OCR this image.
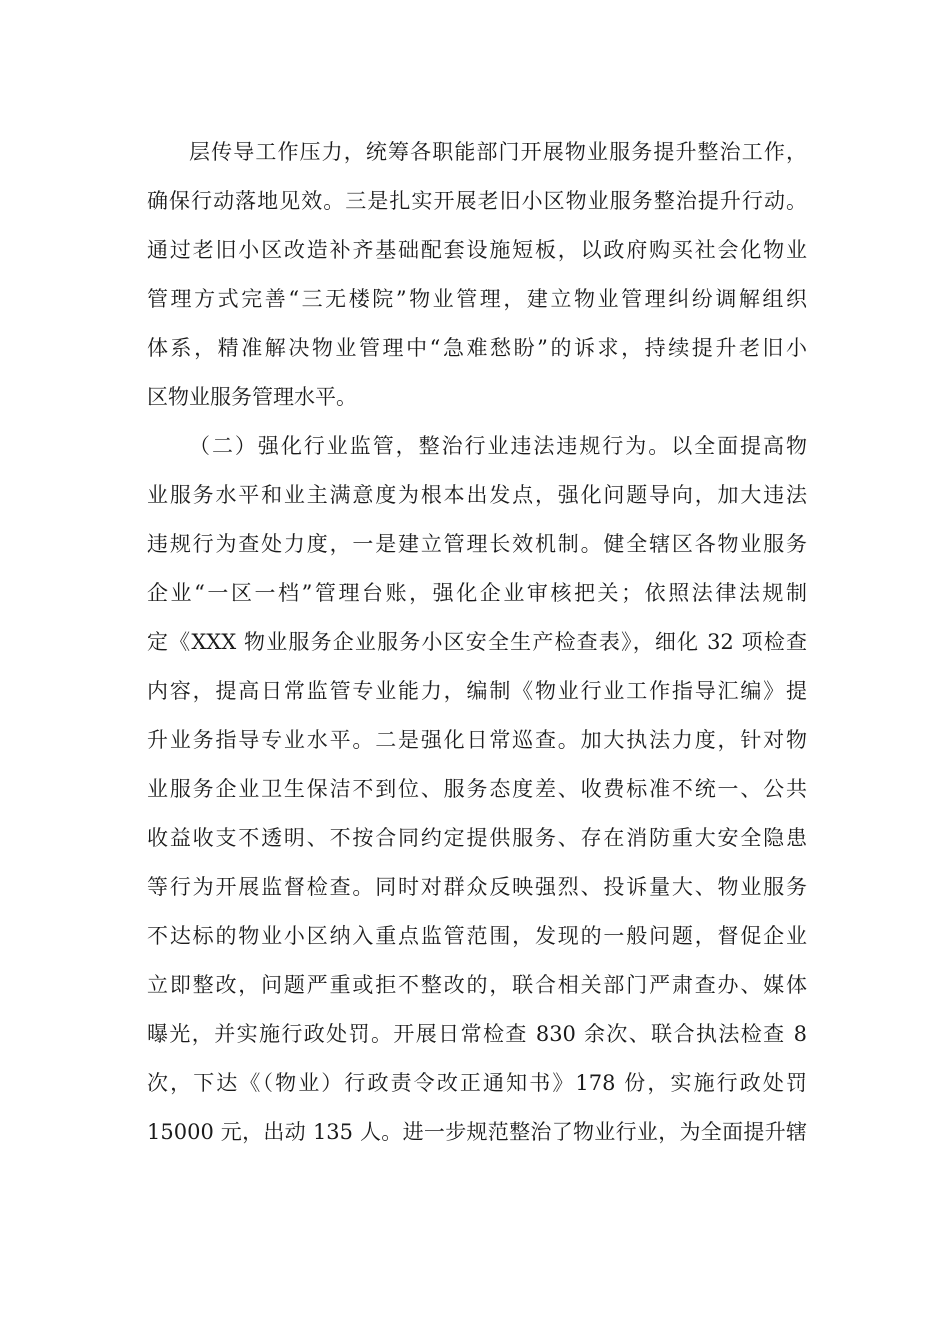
层传导工作压力，统筹各职能部门开展物业服务提升整治工作，
确保行动落地见效。三是扎实开展老旧小区物业服务整治提升行动。
通过老旧小区改造补齐基础配套设施短板，以政府购买社会化物业
管理方式完善“三无楼院”物业管理，建立物业管理纠纷调解组织
体系，精准解决物业管理中“急难愁盼”的诉求，持续提升老旧小
区物业服务管理水平。
（二）强化行业监管，整治行业违法违规行为。以全面提高物
业服务水平和业主满意度为根本出发点，强化问题导向，加大违法
违规行为查处力度，一是建立管理长效机制。健全辖区各物业服务
企业“一区一档”管理台账，强化企业审核把关；依照法律法规制
定《XXX 物业服务企业服务小区安全生产检查表》，细化 32 项检查
内容，提高日常监管专业能力，编制《物业行业工作指导汇编》提
升业务指导专业水平。二是强化日常巡查。加大执法力度，针对物
业服务企业卫生保洁不到位、服务态度差、收费标准不统一、公共
收益收支不透明、不按合同约定提供服务、存在消防重大安全隐患
等行为开展监督检查。同时对群众反映强烈、投诉量大、物业服务
不达标的物业小区纳入重点监管范围，发现的一般问题，督促企业
立即整改，问题严重或拒不整改的，联合相关部门严肃查办、媒体
曝光，并实施行政处罚。开展日常检查 830 余次、联合执法检查 8
次，下达《（物业）行政责令改正通知书》178 份，实施行政处罚
15000 元，出动 135 人。进一步规范整治了物业行业，为全面提升辖
